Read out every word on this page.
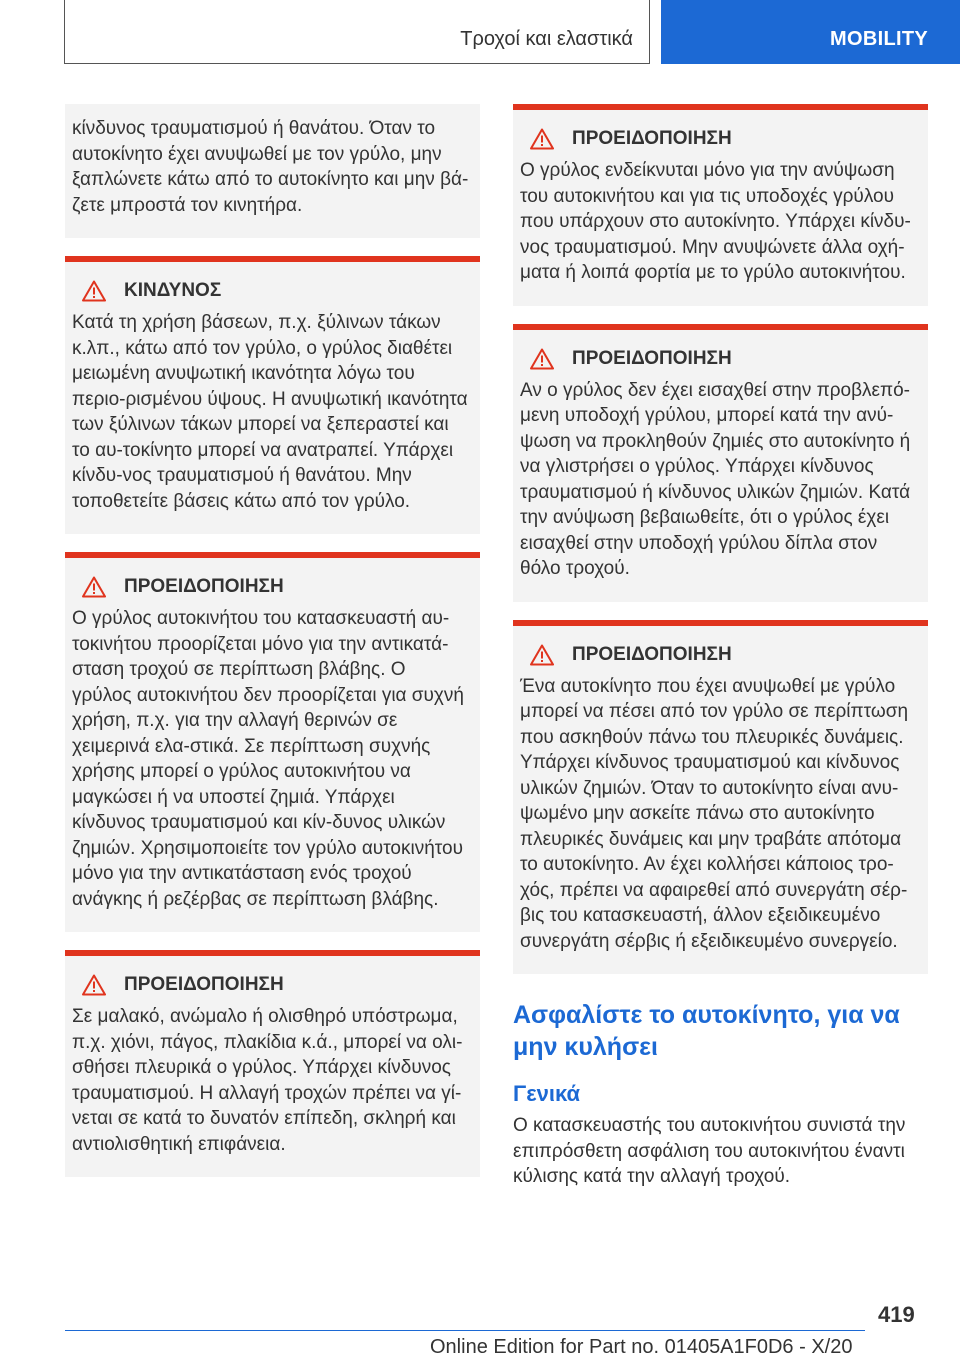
Τροχοί και ελαστικά	MOBILITY
κίνδυνος τραυματισμού ή θανάτου. Όταν το αυτοκίνητο έχει ανυψωθεί με τον γρύλο, μην ξαπλώνετε κάτω από το αυτοκίνητο και μην βά-ζετε μπροστά τον κινητήρα.
ΚΙΝΔΥΝΟΣ
Κατά τη χρήση βάσεων, π.χ. ξύλινων τάκων κ.λπ., κάτω από τον γρύλο, ο γρύλος διαθέτει μειωμένη ανυψωτική ικανότητα λόγω του περιο-ρισμένου ύψους. Η ανυψωτική ικανότητα των ξύλινων τάκων μπορεί να ξεπεραστεί και το αυ-τοκίνητο μπορεί να ανατραπεί. Υπάρχει κίνδυ-νος τραυματισμού ή θανάτου. Μην τοποθετείτε βάσεις κάτω από τον γρύλο.
ΠΡΟΕΙΔΟΠΟΙΗΣΗ
Ο γρύλος αυτοκινήτου του κατασκευαστή αυ-τοκινήτου προορίζεται μόνο για την αντικατά-σταση τροχού σε περίπτωση βλάβης. Ο γρύλος αυτοκινήτου δεν προορίζεται για συχνή χρήση, π.χ. για την αλλαγή θερινών σε χειμερινά ελα-στικά. Σε περίπτωση συχνής χρήσης μπορεί ο γρύλος αυτοκινήτου να μαγκώσει ή να υποστεί ζημιά. Υπάρχει κίνδυνος τραυματισμού και κίν-δυνος υλικών ζημιών. Χρησιμοποιείτε τον γρύλο αυτοκινήτου μόνο για την αντικατάσταση ενός τροχού ανάγκης ή ρεζέρβας σε περίπτωση βλάβης.
ΠΡΟΕΙΔΟΠΟΙΗΣΗ
Σε μαλακό, ανώμαλο ή ολισθηρό υπόστρωμα, π.χ. χιόνι, πάγος, πλακίδια κ.ά., μπορεί να ολι-σθήσει πλευρικά ο γρύλος. Υπάρχει κίνδυνος τραυματισμού. Η αλλαγή τροχών πρέπει να γί-νεται σε κατά το δυνατόν επίπεδη, σκληρή και αντιολισθητική επιφάνεια.
ΠΡΟΕΙΔΟΠΟΙΗΣΗ
Ο γρύλος ενδείκνυται μόνο για την ανύψωση του αυτοκινήτου και για τις υποδοχές γρύλου που υπάρχουν στο αυτοκίνητο. Υπάρχει κίνδυ-νος τραυματισμού. Μην ανυψώνετε άλλα οχή-ματα ή λοιπά φορτία με το γρύλο αυτοκινήτου.
ΠΡΟΕΙΔΟΠΟΙΗΣΗ
Αν ο γρύλος δεν έχει εισαχθεί στην προβλεπό-μενη υποδοχή γρύλου, μπορεί κατά την ανύ-ψωση να προκληθούν ζημιές στο αυτοκίνητο ή να γλιστρήσει ο γρύλος. Υπάρχει κίνδυνος τραυματισμού ή κίνδυνος υλικών ζημιών. Κατά την ανύψωση βεβαιωθείτε, ότι ο γρύλος έχει εισαχθεί στην υποδοχή γρύλου δίπλα στον θόλο τροχού.
ΠΡΟΕΙΔΟΠΟΙΗΣΗ
Ένα αυτοκίνητο που έχει ανυψωθεί με γρύλο μπορεί να πέσει από τον γρύλο σε περίπτωση που ασκηθούν πάνω του πλευρικές δυνάμεις. Υπάρχει κίνδυνος τραυματισμού και κίνδυνος υλικών ζημιών. Όταν το αυτοκίνητο είναι ανυ-ψωμένο μην ασκείτε πάνω στο αυτοκίνητο πλευρικές δυνάμεις και μην τραβάτε απότομα το αυτοκίνητο. Αν έχει κολλήσει κάποιος τρο-χός, πρέπει να αφαιρεθεί από συνεργάτη σέρ-βις του κατασκευαστή, άλλον εξειδικευμένο συνεργάτη σέρβις ή εξειδικευμένο συνεργείο.
Ασφαλίστε το αυτοκίνητο, για να μην κυλήσει
Γενικά
Ο κατασκευαστής του αυτοκινήτου συνιστά την επιπρόσθετη ασφάλιση του αυτοκινήτου έναντι κύλισης κατά την αλλαγή τροχού.
419
Online Edition for Part no. 01405A1F0D6 - X/20
